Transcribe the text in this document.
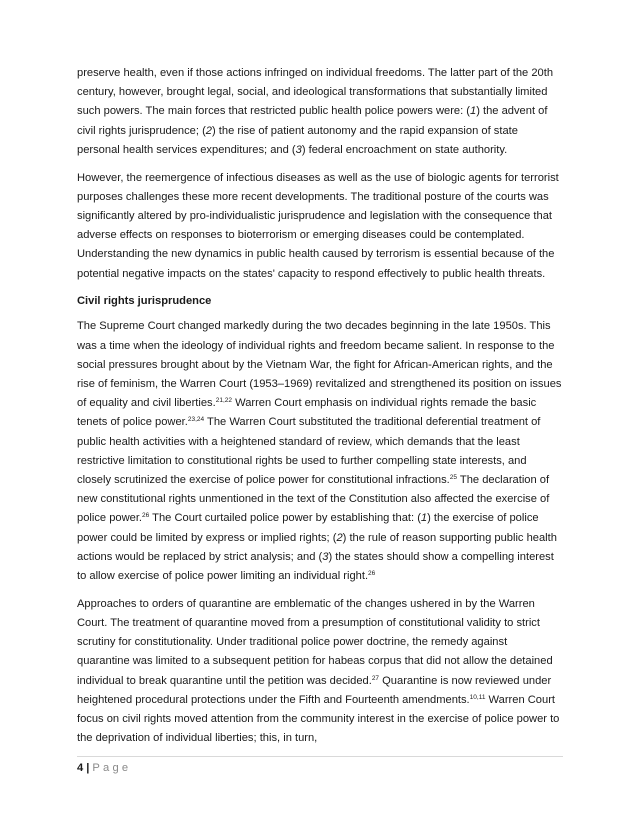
preserve health, even if those actions infringed on individual freedoms. The latter part of the 20th century, however, brought legal, social, and ideological transformations that substantially limited such powers. The main forces that restricted public health police powers were: (1) the advent of civil rights jurisprudence; (2) the rise of patient autonomy and the rapid expansion of state personal health services expenditures; and (3) federal encroachment on state authority.

However, the reemergence of infectious diseases as well as the use of biologic agents for terrorist purposes challenges these more recent developments. The traditional posture of the courts was significantly altered by pro-individualistic jurisprudence and legislation with the consequence that adverse effects on responses to bioterrorism or emerging diseases could be contemplated. Understanding the new dynamics in public health caused by terrorism is essential because of the potential negative impacts on the states' capacity to respond effectively to public health threats.

Civil rights jurisprudence

The Supreme Court changed markedly during the two decades beginning in the late 1950s. This was a time when the ideology of individual rights and freedom became salient. In response to the social pressures brought about by the Vietnam War, the fight for African-American rights, and the rise of feminism, the Warren Court (1953–1969) revitalized and strengthened its position on issues of equality and civil liberties.$^{21,22}$ Warren Court emphasis on individual rights remade the basic tenets of police power.$^{23,24}$ The Warren Court substituted the traditional deferential treatment of public health activities with a heightened standard of review, which demands that the least restrictive limitation to constitutional rights be used to further compelling state interests, and closely scrutinized the exercise of police power for constitutional infractions.$^{25}$ The declaration of new constitutional rights unmentioned in the text of the Constitution also affected the exercise of police power.$^{26}$ The Court curtailed police power by establishing that: (1) the exercise of police power could be limited by express or implied rights; (2) the rule of reason supporting public health actions would be replaced by strict analysis; and (3) the states should show a compelling interest to allow exercise of police power limiting an individual right.$^{26}$

Approaches to orders of quarantine are emblematic of the changes ushered in by the Warren Court. The treatment of quarantine moved from a presumption of constitutional validity to strict scrutiny for constitutionality. Under traditional police power doctrine, the remedy against quarantine was limited to a subsequent petition for habeas corpus that did not allow the detained individual to break quarantine until the petition was decided.$^{27}$ Quarantine is now reviewed under heightened procedural protections under the Fifth and Fourteenth amendments.$^{10,11}$ Warren Court focus on civil rights moved attention from the community interest in the exercise of police power to the deprivation of individual liberties; this, in turn,

4 | Page
